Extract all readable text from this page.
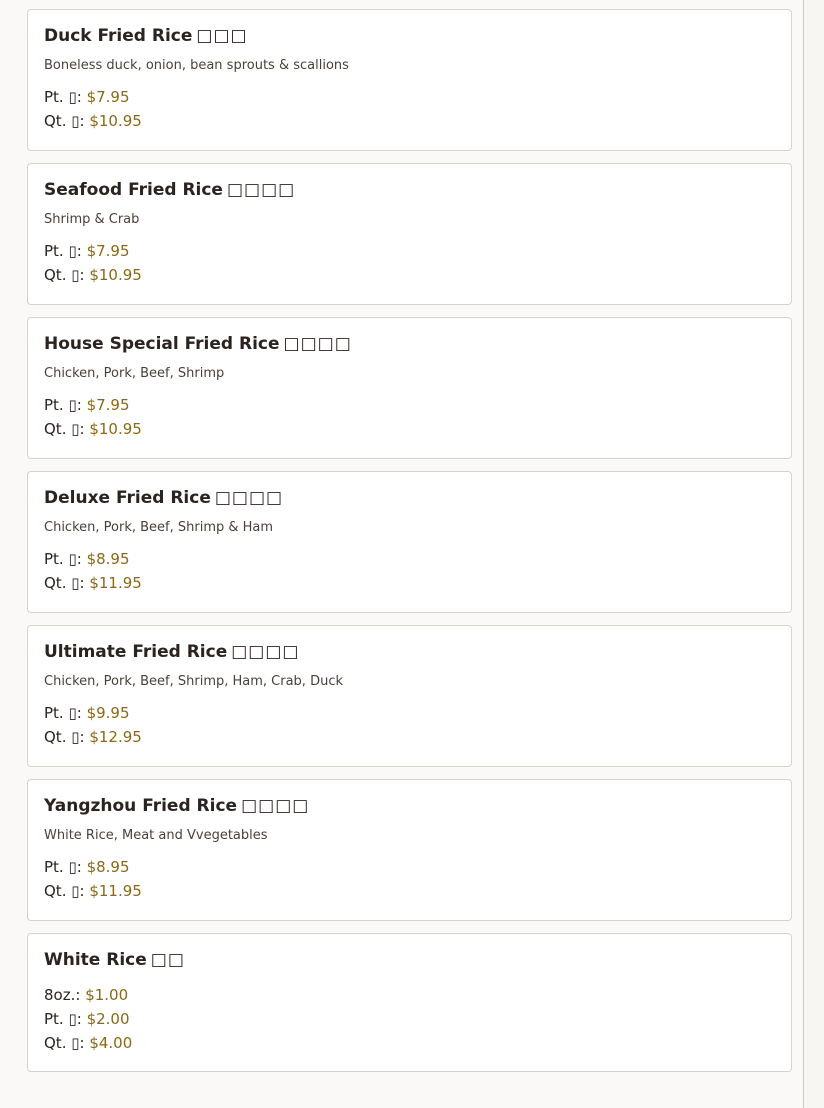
Duck Fried Rice □□□
Boneless duck, onion, bean sprouts & scallions
Pt. ▯: $7.95
Qt. ▯: $10.95
Seafood Fried Rice □□□□
Shrimp & Crab
Pt. ▯: $7.95
Qt. ▯: $10.95
House Special Fried Rice □□□□
Chicken, Pork, Beef, Shrimp
Pt. ▯: $7.95
Qt. ▯: $10.95
Deluxe Fried Rice □□□□
Chicken, Pork, Beef, Shrimp & Ham
Pt. ▯: $8.95
Qt. ▯: $11.95
Ultimate Fried Rice □□□□
Chicken, Pork, Beef, Shrimp, Ham, Crab, Duck
Pt. ▯: $9.95
Qt. ▯: $12.95
Yangzhou Fried Rice □□□□
White Rice, Meat and Vvegetables
Pt. ▯: $8.95
Qt. ▯: $11.95
White Rice □□
8oz.: $1.00
Pt. ▯: $2.00
Qt. ▯: $4.00
